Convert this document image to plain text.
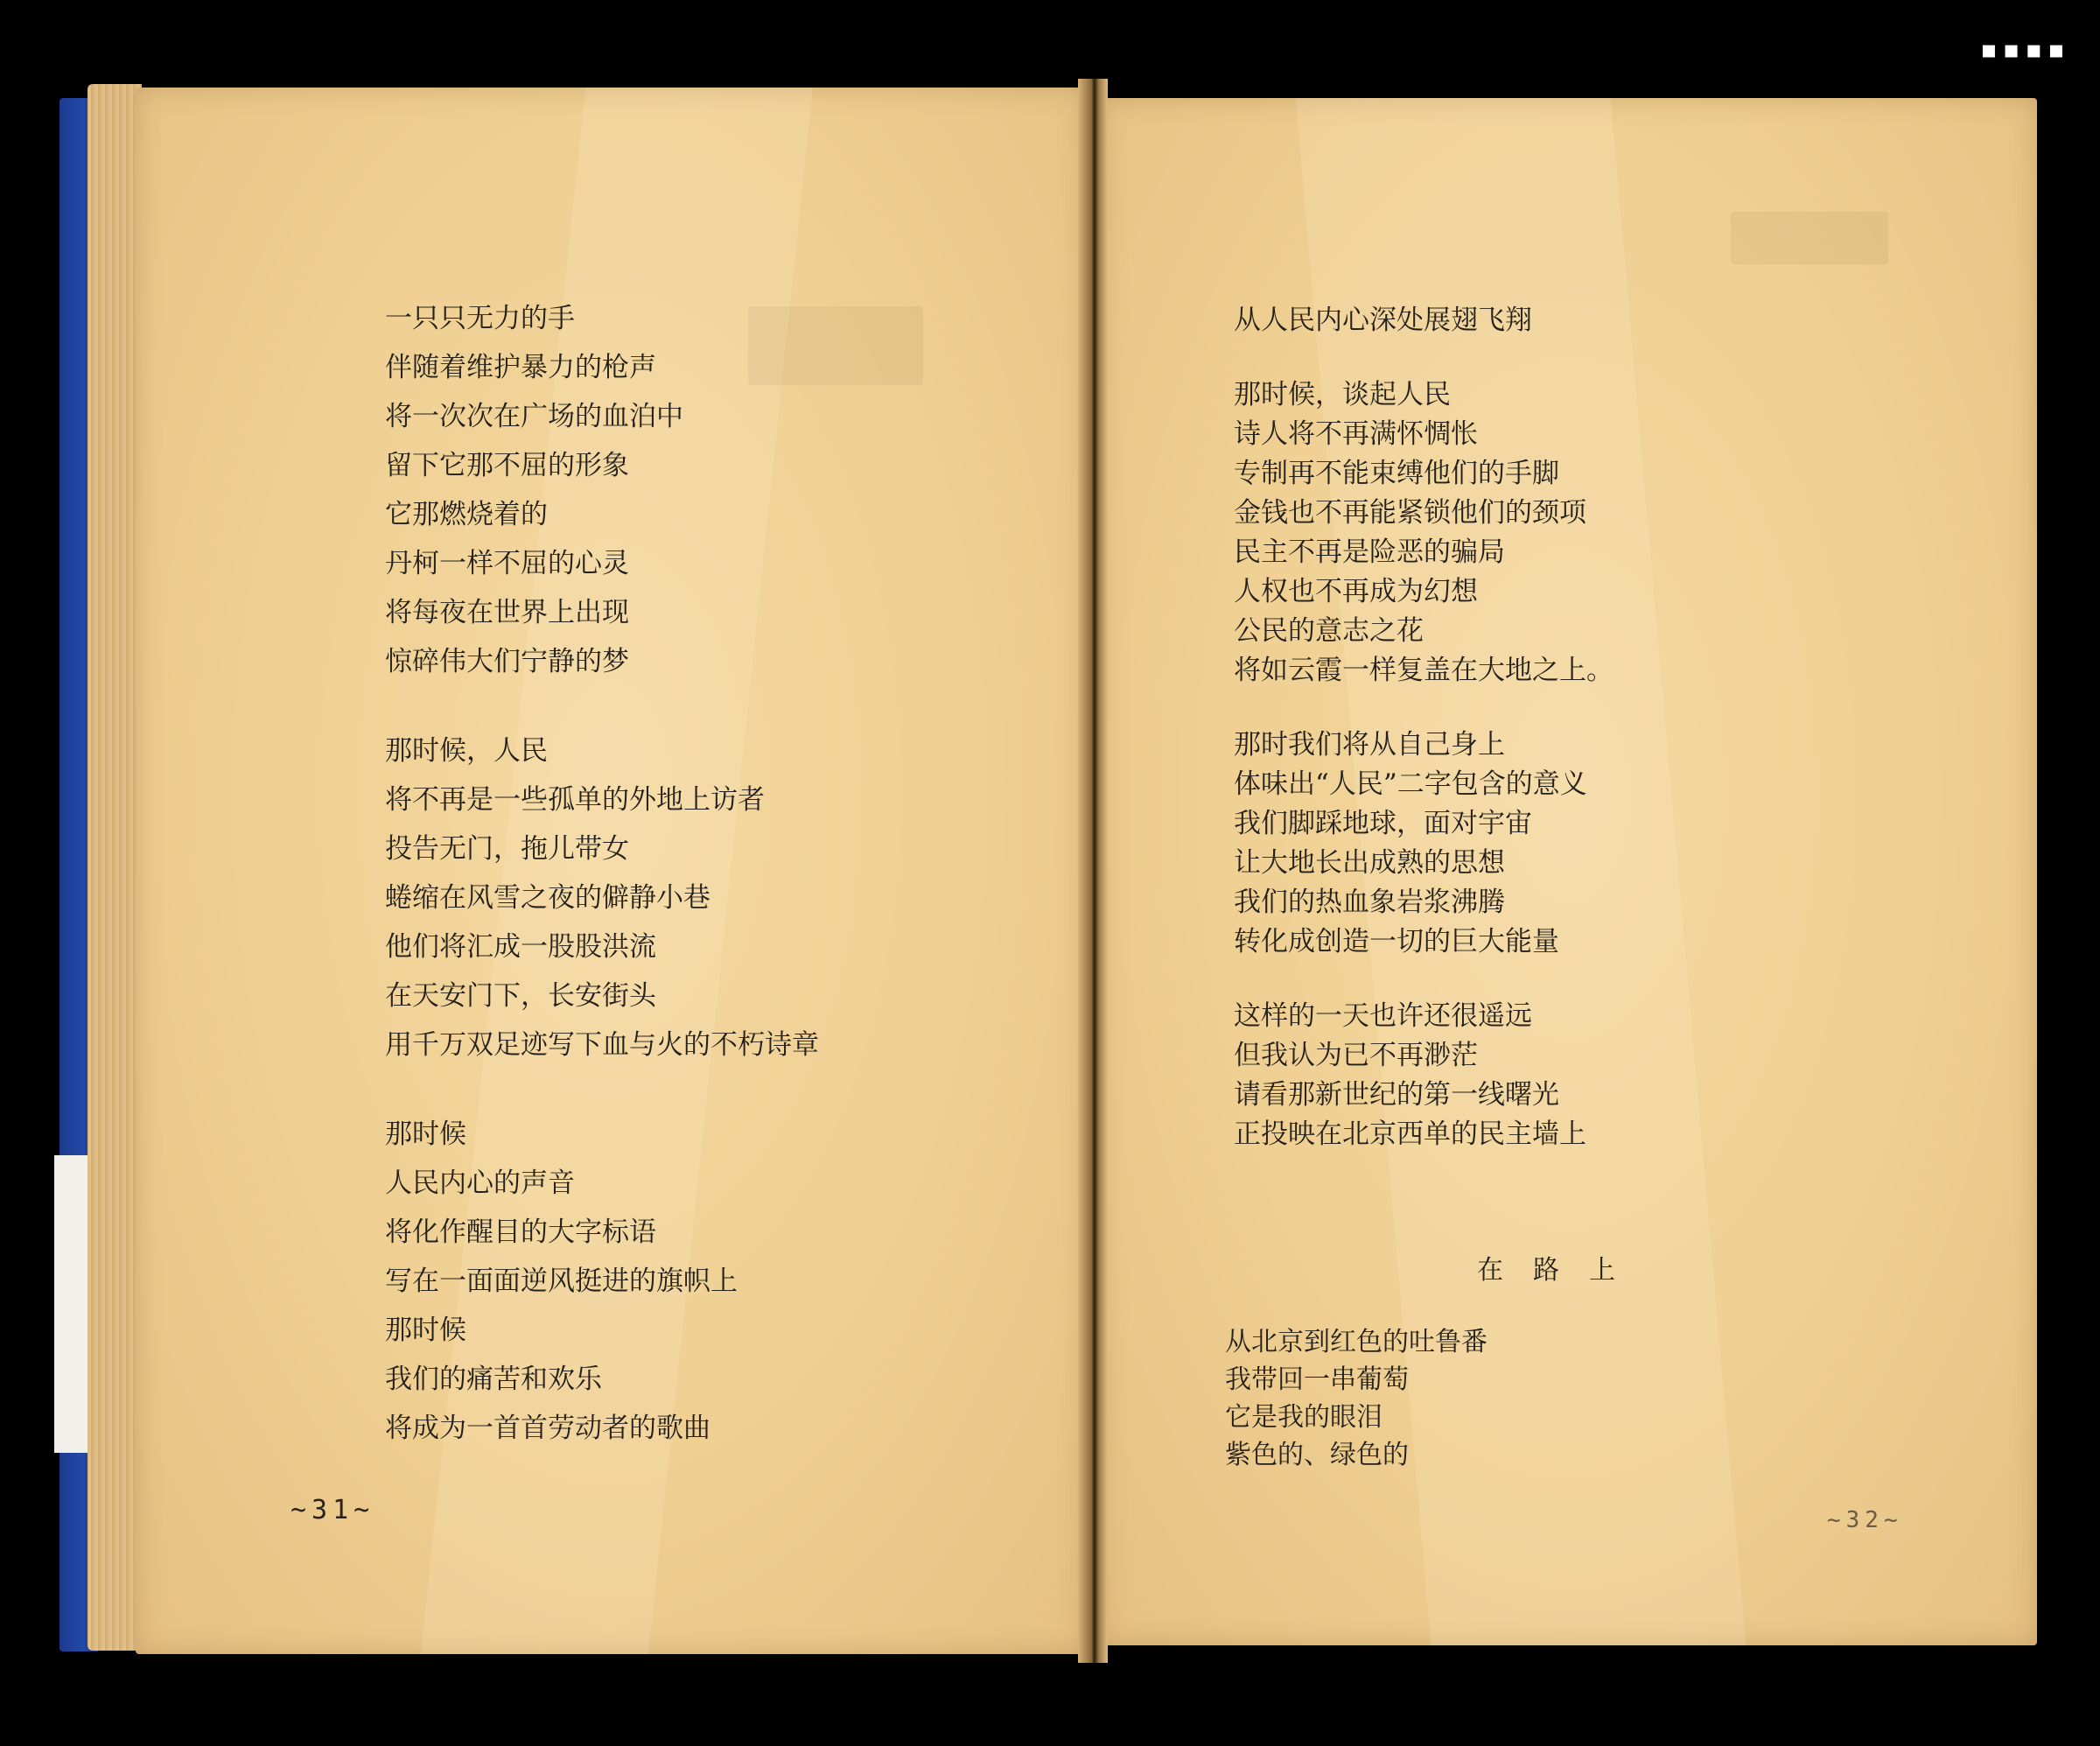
▪▪▪▪
一只只无力的手
伴随着维护暴力的枪声
将一次次在广场的血泊中
留下它那不屈的形象
它那燃烧着的
丹柯一样不屈的心灵
将每夜在世界上出现
惊碎伟大们宁静的梦
那时候，人民
将不再是一些孤单的外地上访者
投告无门，拖儿带女
蜷缩在风雪之夜的僻静小巷
他们将汇成一股股洪流
在天安门下，长安街头
用千万双足迹写下血与火的不朽诗章
那时候
人民内心的声音
将化作醒目的大字标语
写在一面面逆风挺进的旗帜上
那时候
我们的痛苦和欢乐
将成为一首首劳动者的歌曲
~31~
从人民内心深处展翅飞翔
那时候，谈起人民
诗人将不再满怀惆怅
专制再不能束缚他们的手脚
金钱也不再能紧锁他们的颈项
民主不再是险恶的骗局
人权也不再成为幻想
公民的意志之花
将如云霞一样复盖在大地之上。
那时我们将从自己身上
体味出“人民”二字包含的意义
我们脚踩地球，面对宇宙
让大地长出成熟的思想
我们的热血象岩浆沸腾
转化成创造一切的巨大能量
这样的一天也许还很遥远
但我认为已不再渺茫
请看那新世纪的第一线曙光
正投映在北京西单的民主墙上
在路上
从北京到红色的吐鲁番
我带回一串葡萄
它是我的眼泪
紫色的、绿色的
~32~
